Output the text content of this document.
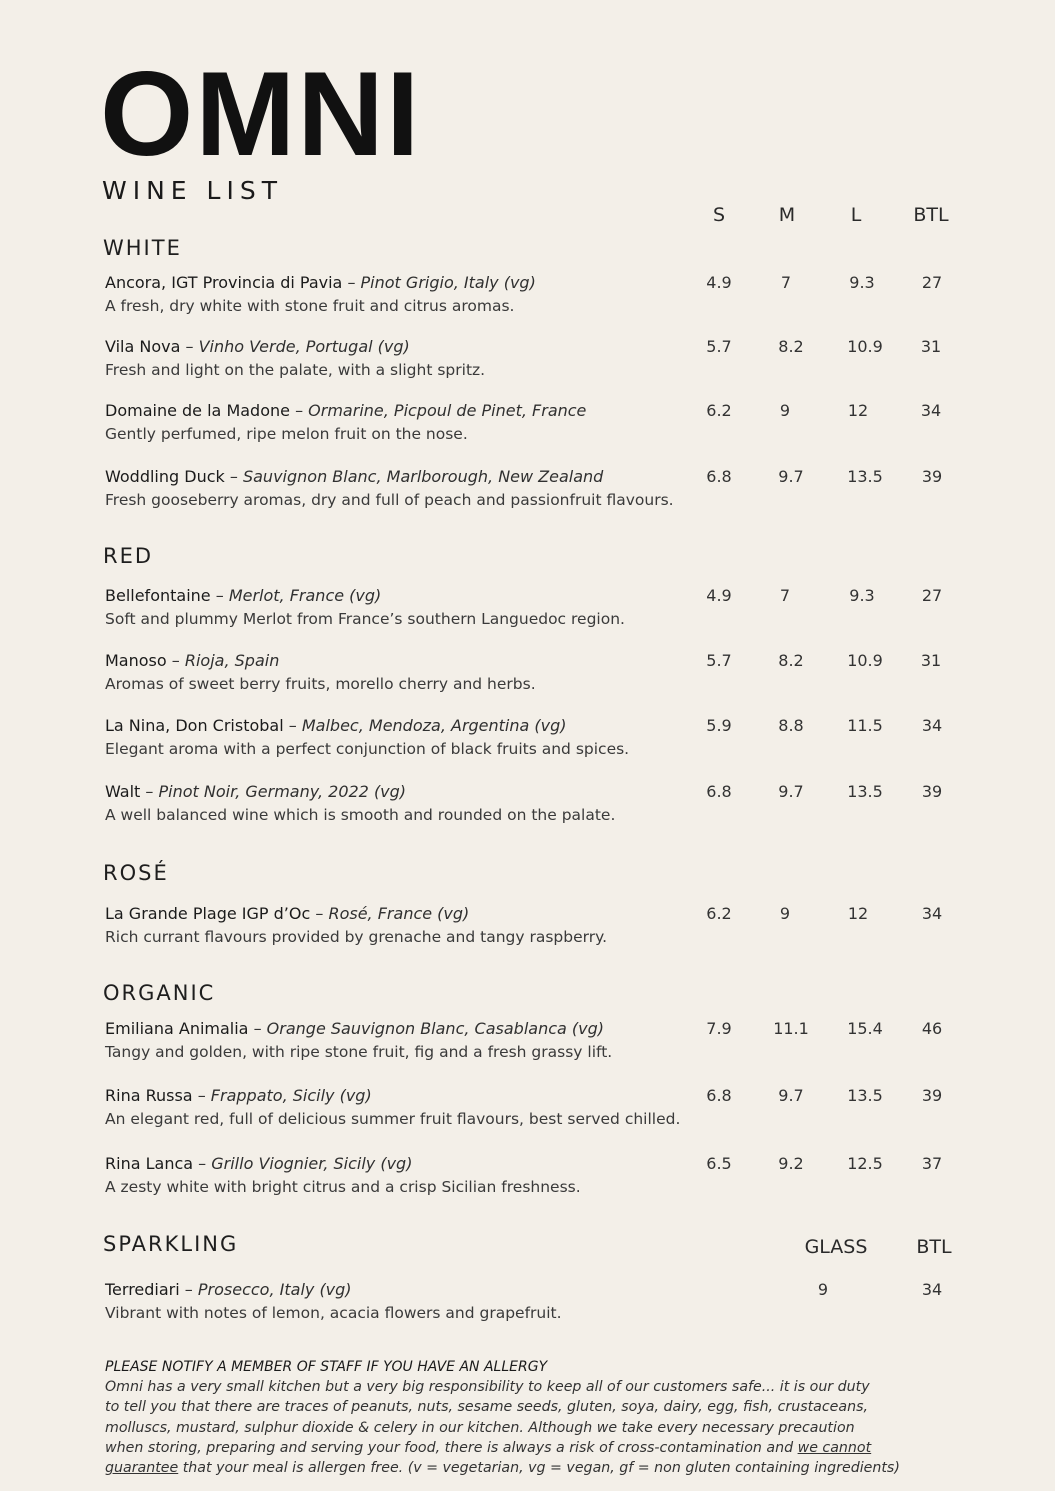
OMNI
WINE LIST
S	M	L	BTL
WHITE
Ancora, IGT Provincia di Pavia – Pinot Grigio, Italy (vg)
A fresh, dry white with stone fruit and citrus aromas.
4.9	7	9.3	27
Vila Nova – Vinho Verde, Portugal (vg)
Fresh and light on the palate, with a slight spritz.
5.7	8.2	10.9 31
Domaine de la Madone – Ormarine, Picpoul de Pinet, France
Gently perfumed, ripe melon fruit on the nose.
6.2	9	12	34
Woddling Duck – Sauvignon Blanc, Marlborough, New Zealand
Fresh gooseberry aromas, dry and full of peach and passionfruit flavours.
6.8	9.7	13.5 39
RED
Bellefontaine – Merlot, France (vg)
Soft and plummy Merlot from France’s southern Languedoc region.
4.9	7	9.3	27
Manoso – Rioja, Spain
Aromas of sweet berry fruits, morello cherry and herbs.
5.7	8.2	10.9 31
La Nina, Don Cristobal – Malbec, Mendoza, Argentina (vg)
Elegant aroma with a perfect conjunction of black fruits and spices.
5.9	8.8	11.5 34
Walt – Pinot Noir, Germany, 2022 (vg)
A well balanced wine which is smooth and rounded on the palate.
6.8	9.7	13.5 39
ROSÉ
La Grande Plage IGP d’Oc – Rosé, France (vg)
Rich currant flavours provided by grenache and tangy raspberry.
6.2	9	12	34
ORGANIC
Emiliana Animalia – Orange Sauvignon Blanc, Casablanca (vg)
Tangy and golden, with ripe stone fruit, fig and a fresh grassy lift.
7.9	11.1 15.4 46
Rina Russa – Frappato, Sicily (vg)
An elegant red, full of delicious summer fruit flavours, best served chilled.
6.8	9.7	13.5 39
Rina Lanca – Grillo Viognier, Sicily (vg)
A zesty white with bright citrus and a crisp Sicilian freshness.
6.5	9.2	12.5 37
SPARKLING	GLASS	BTL
Terrediari – Prosecco, Italy (vg)
Vibrant with notes of lemon, acacia flowers and grapefruit.
9	34
PLEASE NOTIFY A MEMBER OF STAFF IF YOU HAVE AN ALLERGY
Omni has a very small kitchen but a very big responsibility to keep all of our customers safe... it is our duty
to tell you that there are traces of peanuts, nuts, sesame seeds, gluten, soya, dairy, egg, fish, crustaceans,
molluscs, mustard, sulphur dioxide & celery in our kitchen. Although we take every necessary precaution
when storing, preparing and serving your food, there is always a risk of cross-contamination and we cannot
guarantee that your meal is allergen free. (v = vegetarian, vg = vegan, gf = non gluten containing ingredients)
